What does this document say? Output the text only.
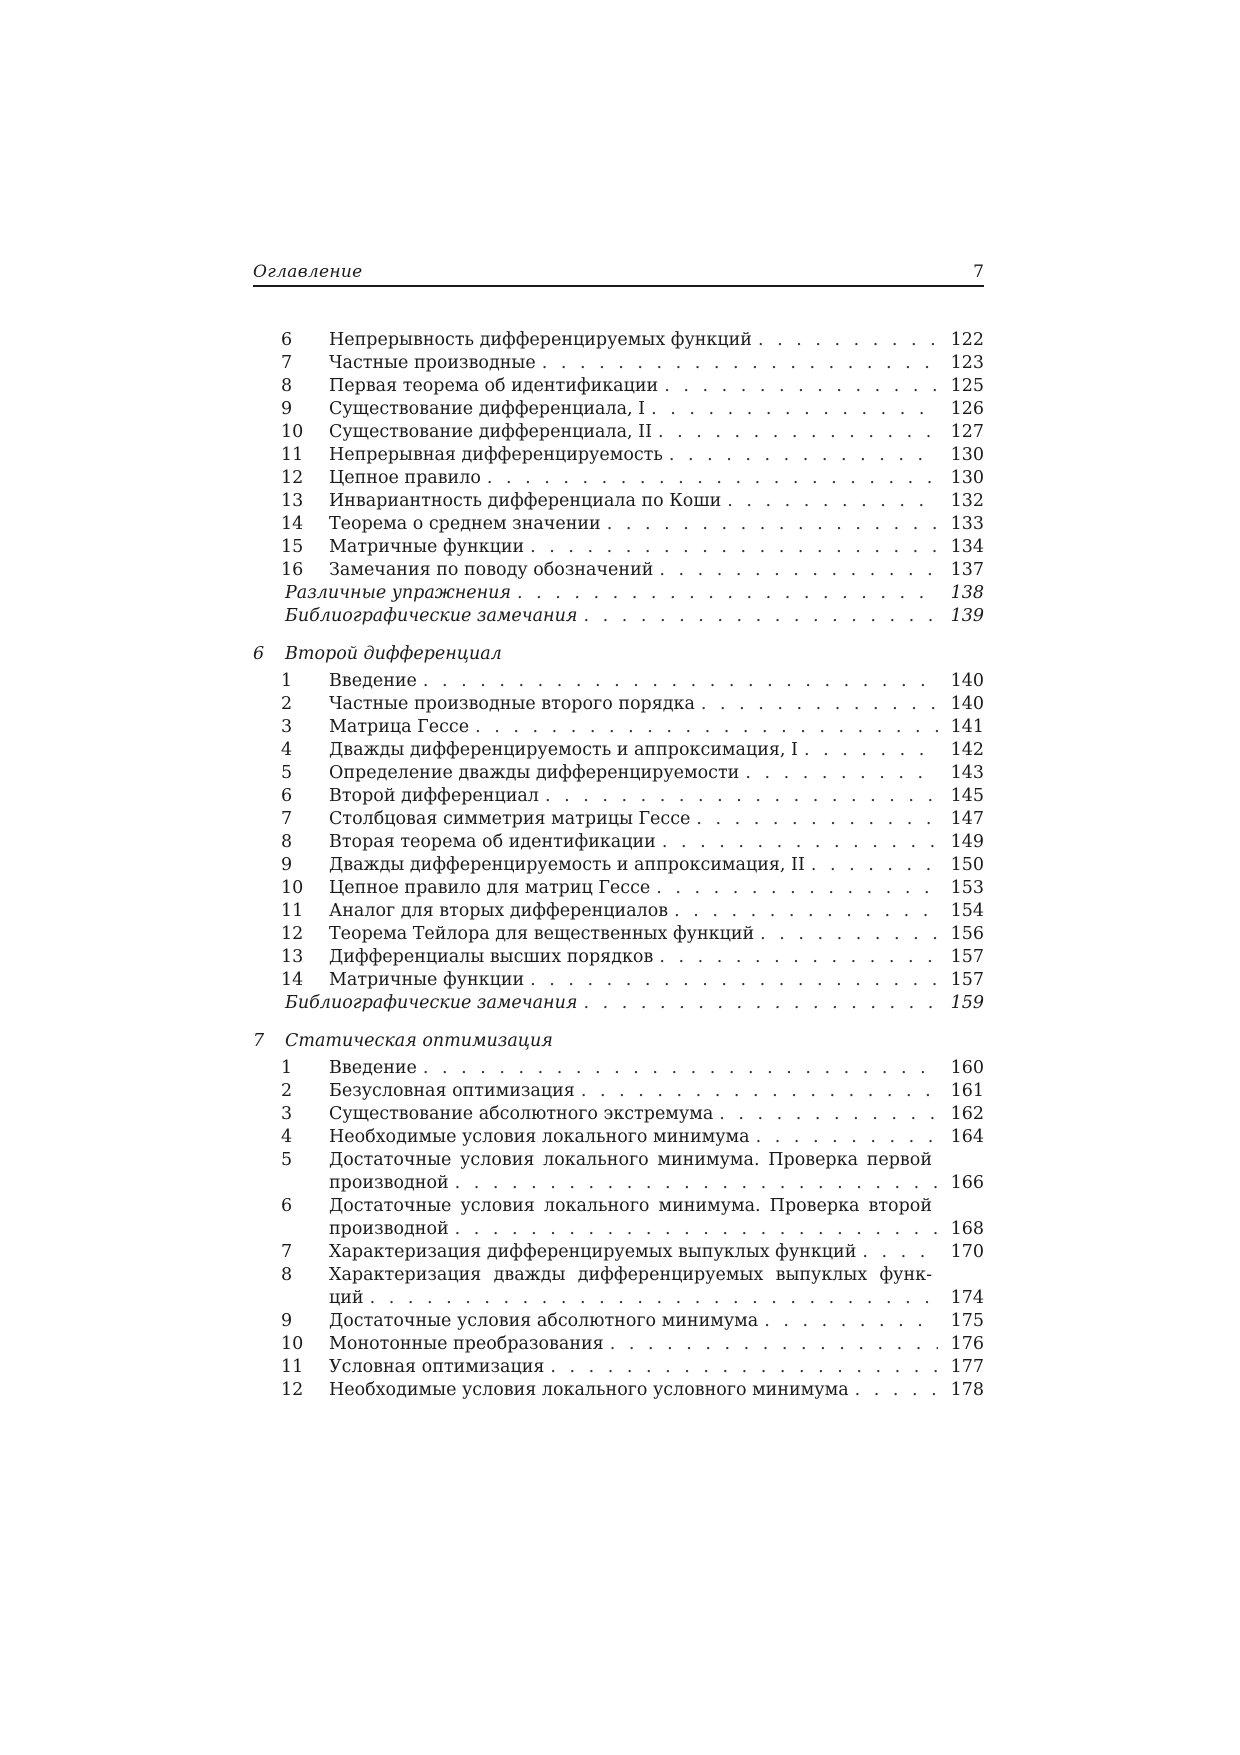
Оглавление	7
6 Непрерывность дифференцируемых функций . . .	122
7 Частные производные . . .	123
8 Первая теорема об идентификации . . .	125
9 Существование дифференциала, I . . .	126
10 Существование дифференциала, II . . .	127
11 Непрерывная дифференцируемость . . .	130
12 Цепное правило . . .	130
13 Инвариантность дифференциала по Коши . . .	132
14 Теорема о среднем значении . . .	133
15 Матричные функции . . .	134
16 Замечания по поводу обозначений . . .	137
Различные упражнения . . .	138
Библиографические замечания . . .	139
6 Второй дифференциал
1 Введение . . .	140
2 Частные производные второго порядка . . .	140
3 Матрица Гессе . . .	141
4 Дважды дифференцируемость и аппроксимация, I . . .	142
5 Определение дважды дифференцируемости . . .	143
6 Второй дифференциал . . .	145
7 Столбцовая симметрия матрицы Гессе . . .	147
8 Вторая теорема об идентификации . . .	149
9 Дважды дифференцируемость и аппроксимация, II . . .	150
10 Цепное правило для матриц Гессе . . .	153
11 Аналог для вторых дифференциалов . . .	154
12 Теорема Тейлора для вещественных функций . . .	156
13 Дифференциалы высших порядков . . .	157
14 Матричные функции . . .	157
Библиографические замечания . . .	159
7 Статическая оптимизация
1 Введение . . .	160
2 Безусловная оптимизация . . .	161
3 Существование абсолютного экстремума . . .	162
4 Необходимые условия локального минимума . . .	164
5 Достаточные условия локального минимума. Проверка первой
производной . . .	166
6 Достаточные условия локального минимума. Проверка второй
производной . . .	168
7 Характеризация дифференцируемых выпуклых функций . . .	170
8 Характеризация дважды дифференцируемых выпуклых функ-
ций . . .	174
9 Достаточные условия абсолютного минимума . . .	175
10 Монотонные преобразования . . .	176
11 Условная оптимизация . . .	177
12 Необходимые условия локального условного минимума . . .	178
